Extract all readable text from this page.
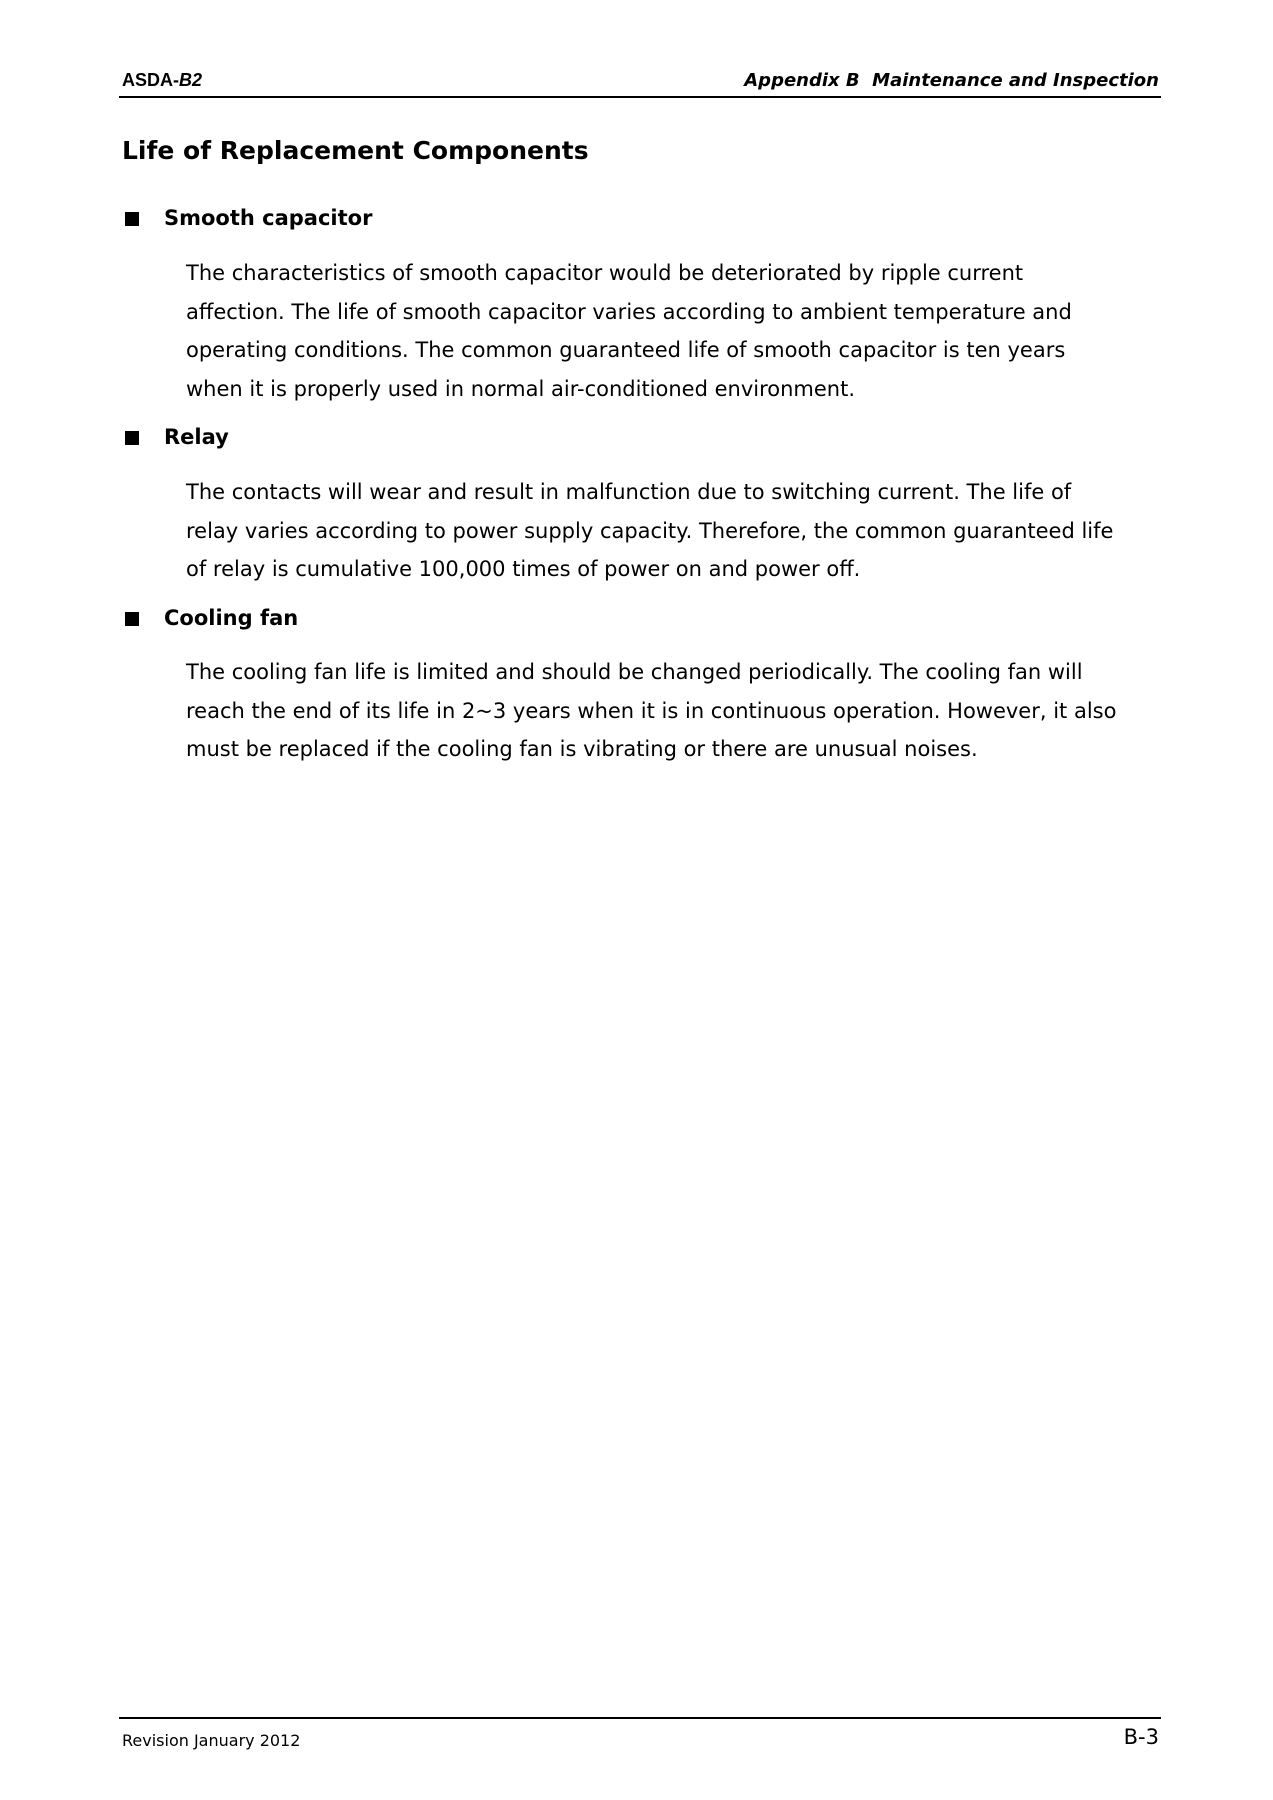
ASDA-B2	Appendix B  Maintenance and Inspection
Life of Replacement Components
Smooth capacitor

The characteristics of smooth capacitor would be deteriorated by ripple current
affection. The life of smooth capacitor varies according to ambient temperature and
operating conditions. The common guaranteed life of smooth capacitor is ten years
when it is properly used in normal air-conditioned environment.

Relay

The contacts will wear and result in malfunction due to switching current. The life of
relay varies according to power supply capacity. Therefore, the common guaranteed life
of relay is cumulative 100,000 times of power on and power off.

Cooling fan

The cooling fan life is limited and should be changed periodically. The cooling fan will
reach the end of its life in 2~3 years when it is in continuous operation. However, it also
must be replaced if the cooling fan is vibrating or there are unusual noises.

Revision January 2012	B-3
